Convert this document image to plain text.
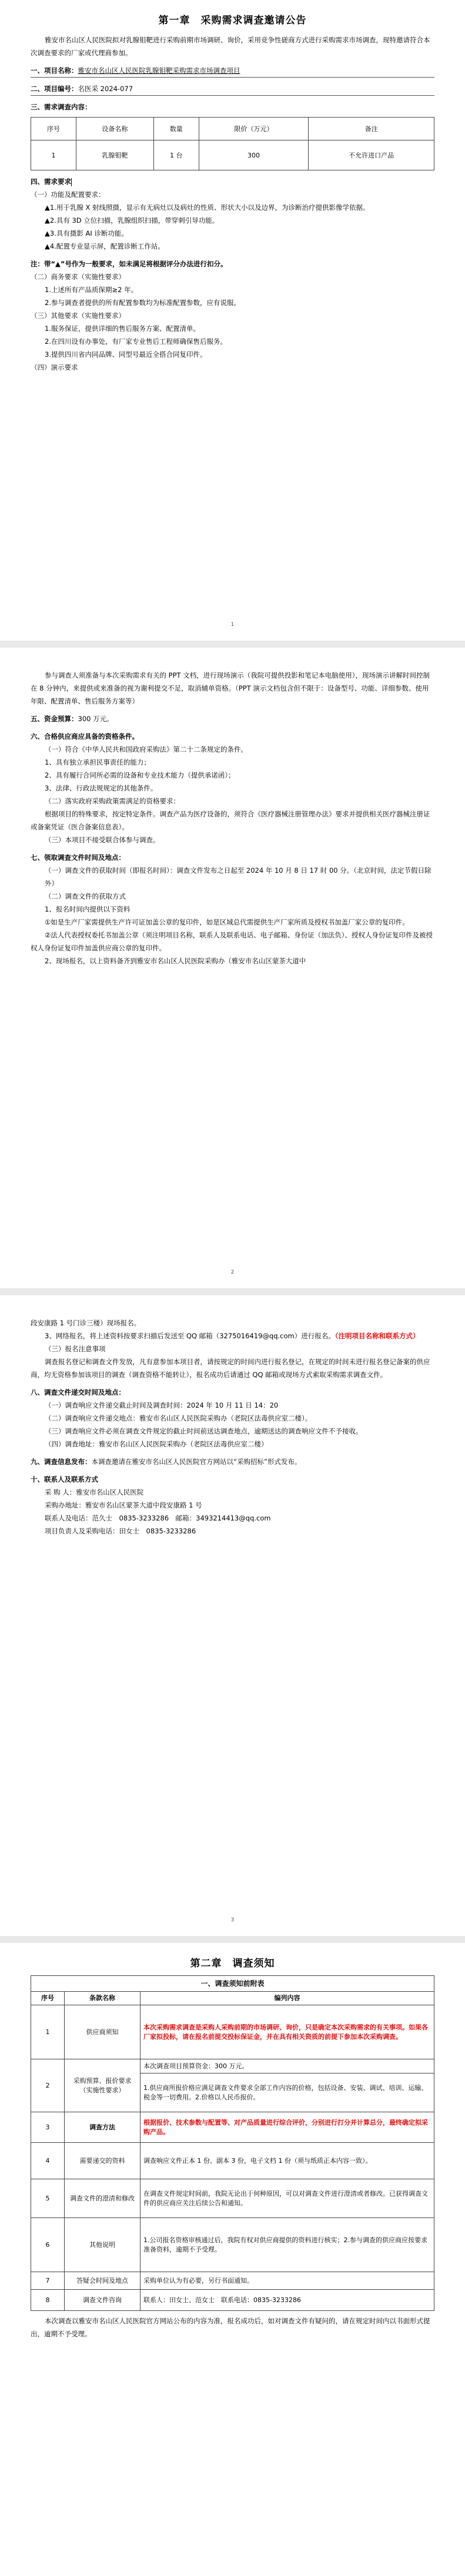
第一章　采购需求调查邀请公告

雅安市名山区人民医院拟对乳腺钼靶进行采购前期市场调研、询价，采用竞争性磋商方式进行采购需求市场调查，现特邀请符合本次调查要求的厂家或代理商参加。

一、项目名称：雅安市名山区人民医院乳腺钼靶采购需求市场调查项目

二、项目编号：名医采 2024-077

三、需求调查内容：

序号	设备名称	数量	限价（万元）	备注
1	乳腺钼靶	1 台	300	不允许进口产品

四、需求要求

（一）功能及配置要求：

▲1.用于乳腺 X 射线照摄，显示有无病灶以及病灶的性质、形状大小以及边界，为诊断治疗提供影像学依据。

▲2.具有 3D 立位扫描，乳腺组织扫描，带穿刺引导功能。

▲3.具有摄影 AI 诊断功能。

▲4.配置专业显示屏，配置诊断工作站。

注：带“▲”号作为一般要求，如未满足将根据评分办法进行扣分。

（二）商务要求（实施性要求）

1.上述所有产品质保期≥2 年。

2.参与调查者提供的所有配置参数均为标准配置参数，应有说服。

（三）其他要求（实施性要求）

1.服务保证，提供详细的售后服务方案、配置清单。

2.在四川设有办事处，有厂家专业售后工程师确保售后服务。

3.提供四川省内同品牌、同型号最近全搭合同复印件。

（四）演示要求

1

参与调查人须准备与本次采购需求有关的 PPT 文档，进行现场演示（我院可提供投影和笔记本电脑使用），现场演示讲解时间控制在 8 分钟内，来提供或来准备的视为谢利提交不足，取消辅单资格。（PPT 演示文档包含但不限于：设备型号、功能、详细参数、使用年限、配置清单、售后服务方案等）

五、资金预算：300 万元。

六、合格供应商应具备的资格条件。

（一）符合《中华人民共和国政府采购法》第二十二条规定的条件。

1、具有独立承担民事责任的能力；

2、具有履行合同所必需的设备和专业技术能力（提供承诺函）；

3、法律、行政法规规定的其他条件。

（二）落实政府采购政策需满足的资格要求：

根据项目的特殊要求，按定特定条件。调查产品为医疗设备的，须符合《医疗器械注册管理办法》要求并提供相关医疗器械注册证或备案凭证（医合备案信息表）。

（三）本项目不接受联合体参与调查。

七、领取调查文件时间及地点：

（一）调查文件的获取时间（即报名时间）：调查文件发布之日起至 2024 年 10 月 8 日 17 时 00 分。（北京时间，法定节假日除外）

（二）调查文件的获取方式

1、报名时间内提供以下资料

①如是生产厂家需提供生产许可证加盖公章的复印件，如是区域总代需提供生产厂家所质及授权书加盖厂家公章的复印件。

②法人代表授权委托书加盖公章（须注明项目名称，联系人及联系电话、电子邮箱、身份证（加法负）、授权人身份证复印件及被授权人身份证复印件加盖供应商公章的复印件。

2、现场报名，以上资料备齐到雅安市名山区人民医院采购办（雅安市名山区蒙茶大道中

2

段安康路 1 号门诊三楼）现场报名。

3、网络报名，将上述资料按要求扫描后发送至 QQ 邮箱（3275016419@qq.com）进行报名。（注明项目名称和联系方式）

（三）报名注意事项

调查报名登记和调查文件发放，凡有意参加本项目者，请按规定的时间内进行报名登记，在规定的时间未进行报名登记备案的供应商，均无资格参加该项目的调查（调查资格不能转让），报名成功后请通过 QQ 邮箱或现场方式索取采购需求调查文件。

八、调查文件递交时间及地点：

（一）调查响应文件递交截止时间及调查时间：2024 年 10 月 11 日 14：20

（二）调查响应文件递交地点：雅安市名山区人民医院采购办（老院区法毒供应室二楼）。

（三）调查响应文件必须在调查文件规定的截止时间前送达调查地点，逾期送达的调查响应文件不予接收。

（四）调查地址：雅安市名山区人民医院采购办（老院区法毒供应室二楼）

九、调查信息发布：本调查邀请在雅安市名山区人民医院官方网站以“采购招标”形式发布。

十、联系人及联系方式

采 购 人：雅安市名山区人民医院

采购办地址：雅安市名山区蒙茶大道中段安康路 1 号

联系人及电话：范久士　0835-3233286　邮箱：3493214413@qq.com

项目负责人及采购电话：田女士　0835-3233286

3
第二章　调查须知
一、调查须知前附表
序号	条款名称	编列内容
1	供应商须知	本次采购需求调查是采购人采购前期的市场调研、询价，只是确定本次采购需求的有关事项。如果各厂家拟投标，请在报名前提交投标保证金，并在具有相关资质的前提下参加本次采购调查。
2	采购预算、报价要求（实施性要求）	本次调查项目预算资金：300 万元。
		1.供应商所报价格应满足调查文件要求全部工作内容的价格，包括设备、安装、调试、培训、运输、税金等一切费用。2.价格以人民币报价。
3	调查方法	根据报价、技术参数与配置等、对产品质量进行综合评价，分别进行打分并计算总分，最终确定拟采购产品。
4	需要递交的资料	调查响应文件正本 1 份、副本 3 份，电子文档 1 份（须与纸质正本内容一致）。
5	调查文件的澄清和修改	在调查文件规定时间前，我院无论出于何种原因，可以对调查文件进行澄清或者修改。已获得调查文件的供应商应关注后续公告和通知。
6	其他说明	1.公司报名资格审核通过后，我院有权对供应商提供的资料进行核实；2.参与调查的供应商应按要求准备资料，逾期不予受理。
7	答疑会时间及地点	采购单位认为有必要，另行书面通知。
8	调查文件咨询	联系人：田女士、范女士　联系电话：0835-3233286

本次调查以雅安市名山区人民医院官方网站公布的内容为准，报名成功后，如对调查文件有疑问的，请在规定时间内以书面形式提出，逾期不予受理。
